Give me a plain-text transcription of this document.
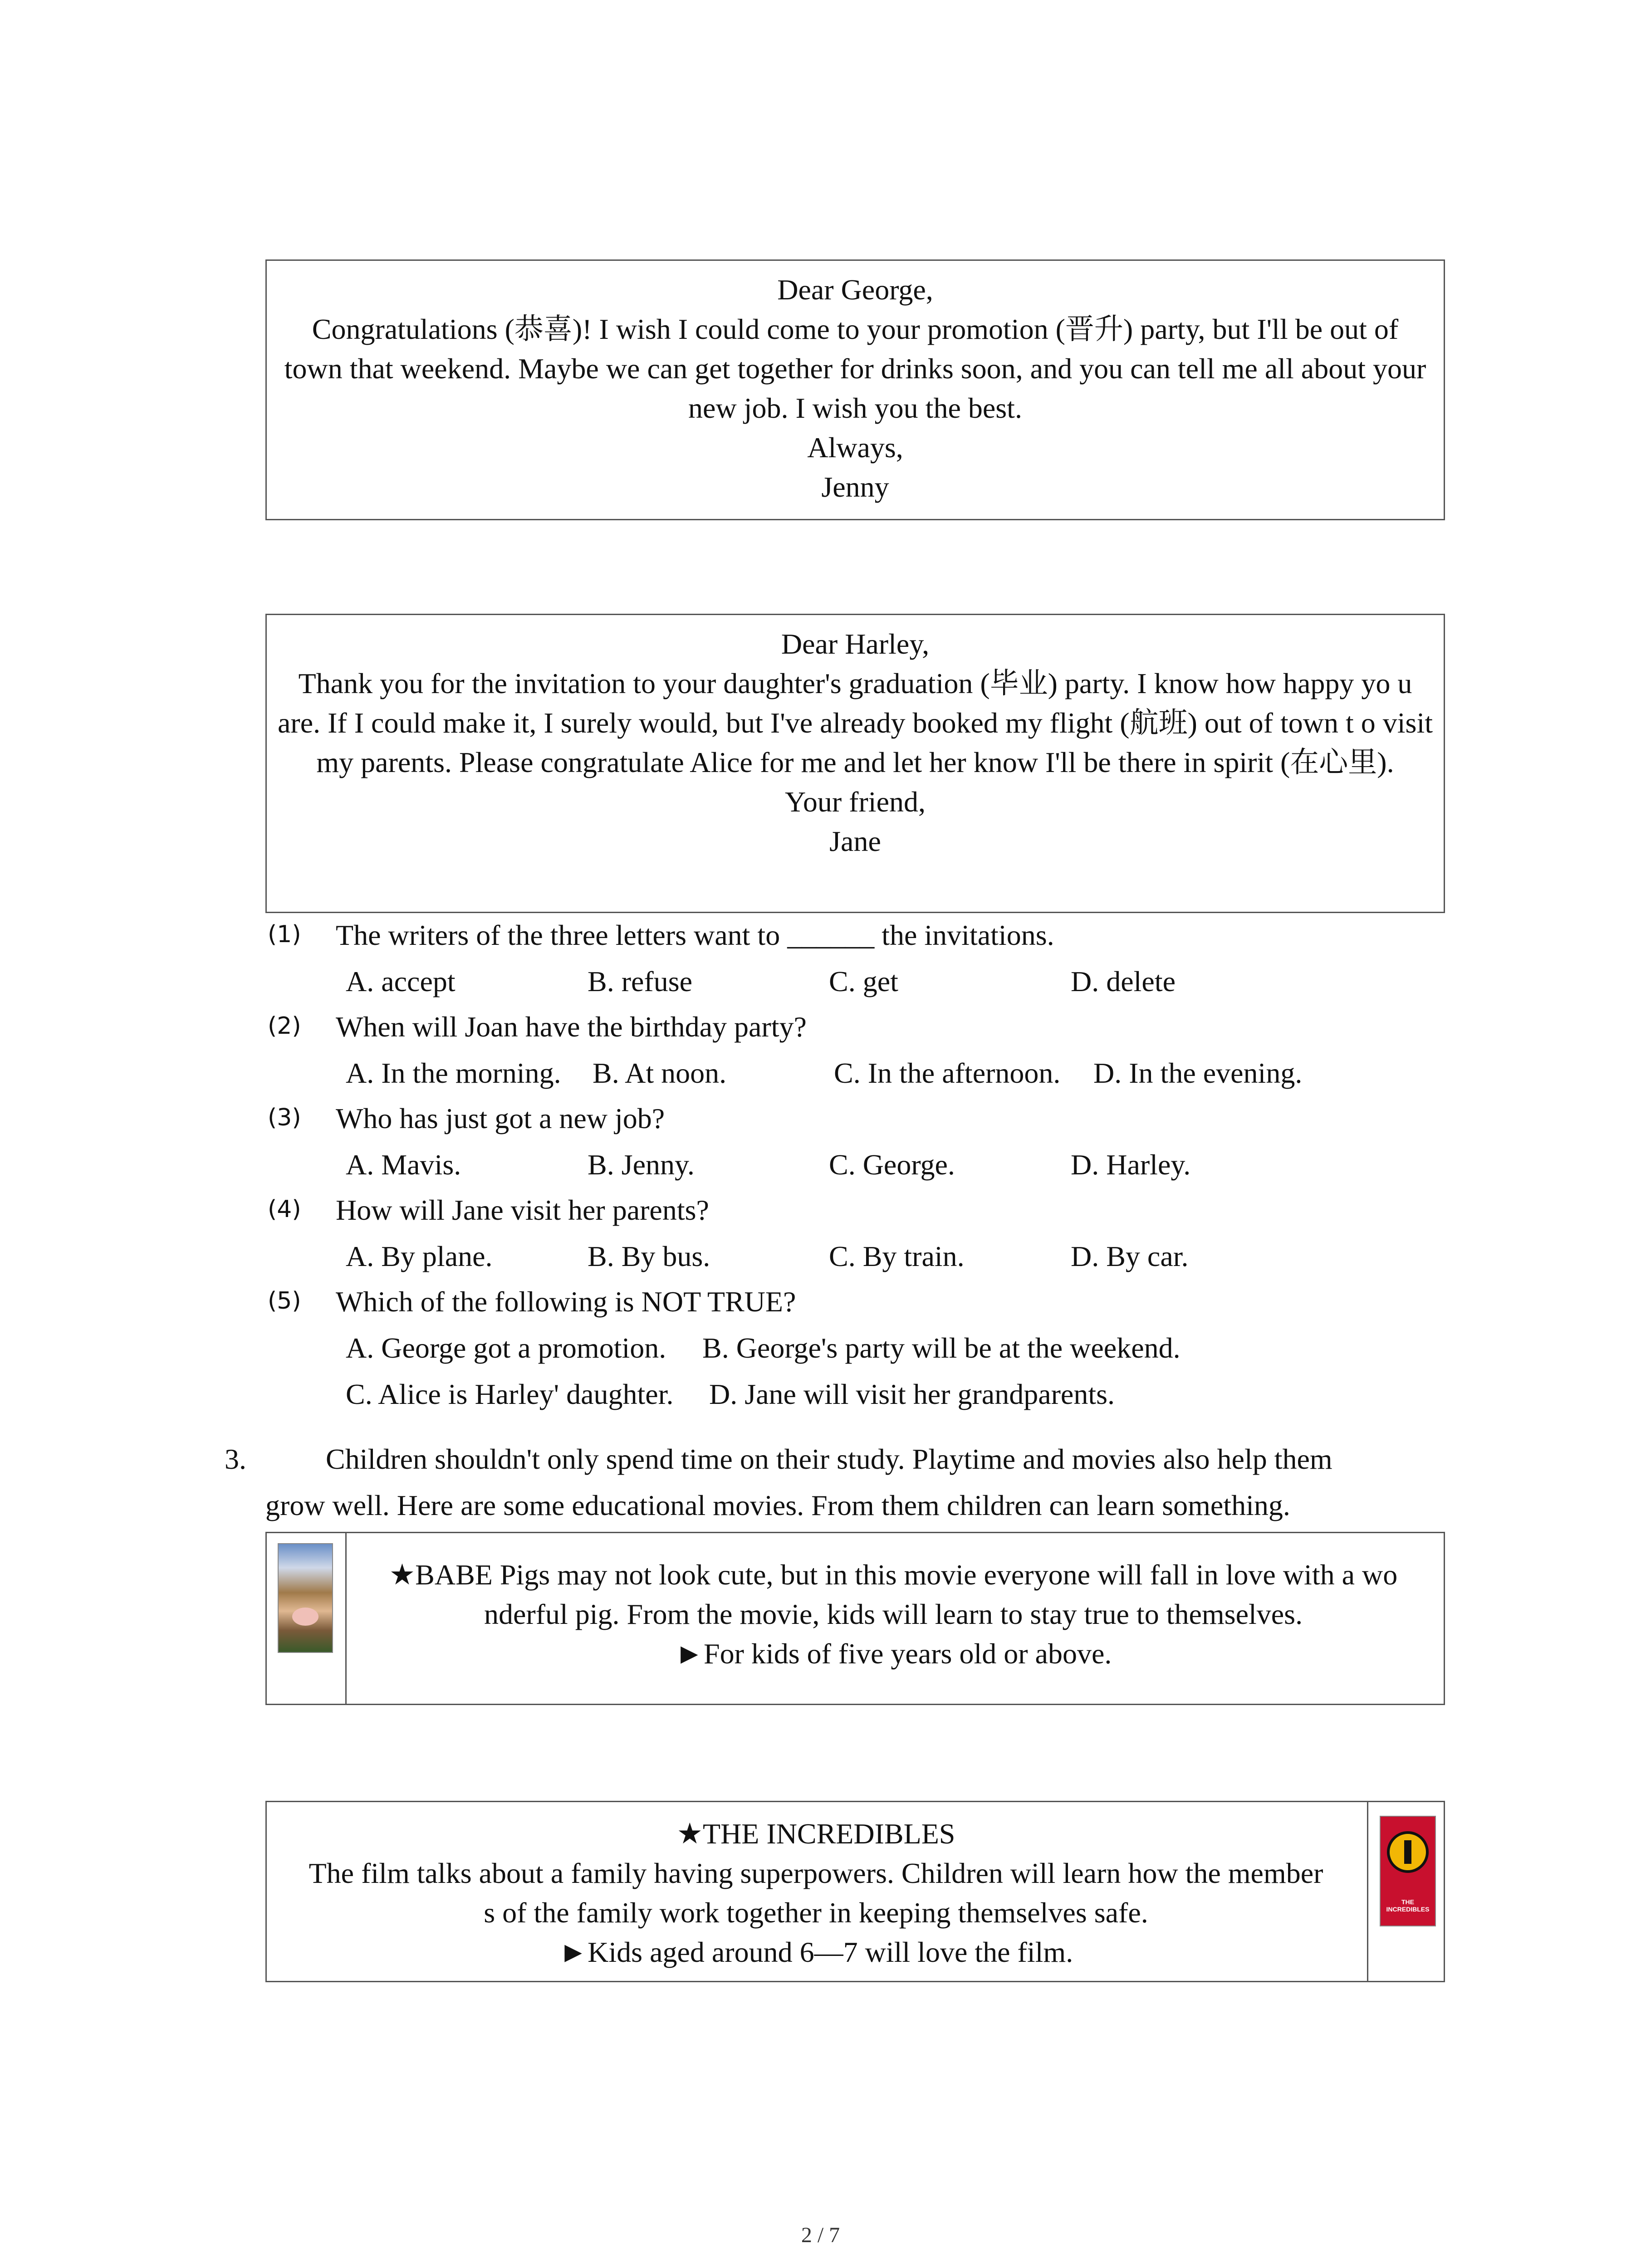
Dear George,

Congratulations (恭喜)! I wish I could come to your promotion (晋升) party, but I'll be out of town that weekend. Maybe we can get together for drinks soon, and you can tell me all about your new job. I wish you the best.

Always,

Jenny

Dear Harley,

Thank you for the invitation to your daughter's graduation (毕业) party. I know how happy yo u are. If I could make it, I surely would, but I've already booked my flight (航班) out of town t o visit my parents. Please congratulate Alice for me and let her know I'll be there in spirit (在心里).

Your friend,

Jane

(1) The writers of the three letters want to ______ the invitations.
A. accept	B. refuse	C. get	D. delete
(2) When will Joan have the birthday party?
A. In the morning. B. At noon.	C. In the afternoon. D. In the evening.
(3) Who has just got a new job?
A. Mavis.	B. Jenny.	C. George.	D. Harley.
(4) How will Jane visit her parents?
A. By plane.	B. By bus.	C. By train.	D. By car.
(5) Which of the following is NOT TRUE?
A. George got a promotion. B. George's party will be at the weekend.
C. Alice is Harley' daughter. D. Jane will visit her grandparents.
3.	Children shouldn't only spend time on their study. Playtime and movies also help them
grow well. Here are some educational movies. From them children can learn something.
★BABE Pigs may not look cute, but in this movie everyone will fall in love with a wo
nderful pig. From the movie, kids will learn to stay true to themselves.
►For kids of five years old or above.
★THE INCREDIBLES
The film talks about a family having superpowers. Children will learn how the member
s of the family work together in keeping themselves safe.
►Kids aged around 6—7 will love the film.
THE INCREDIBLES
2 / 7
